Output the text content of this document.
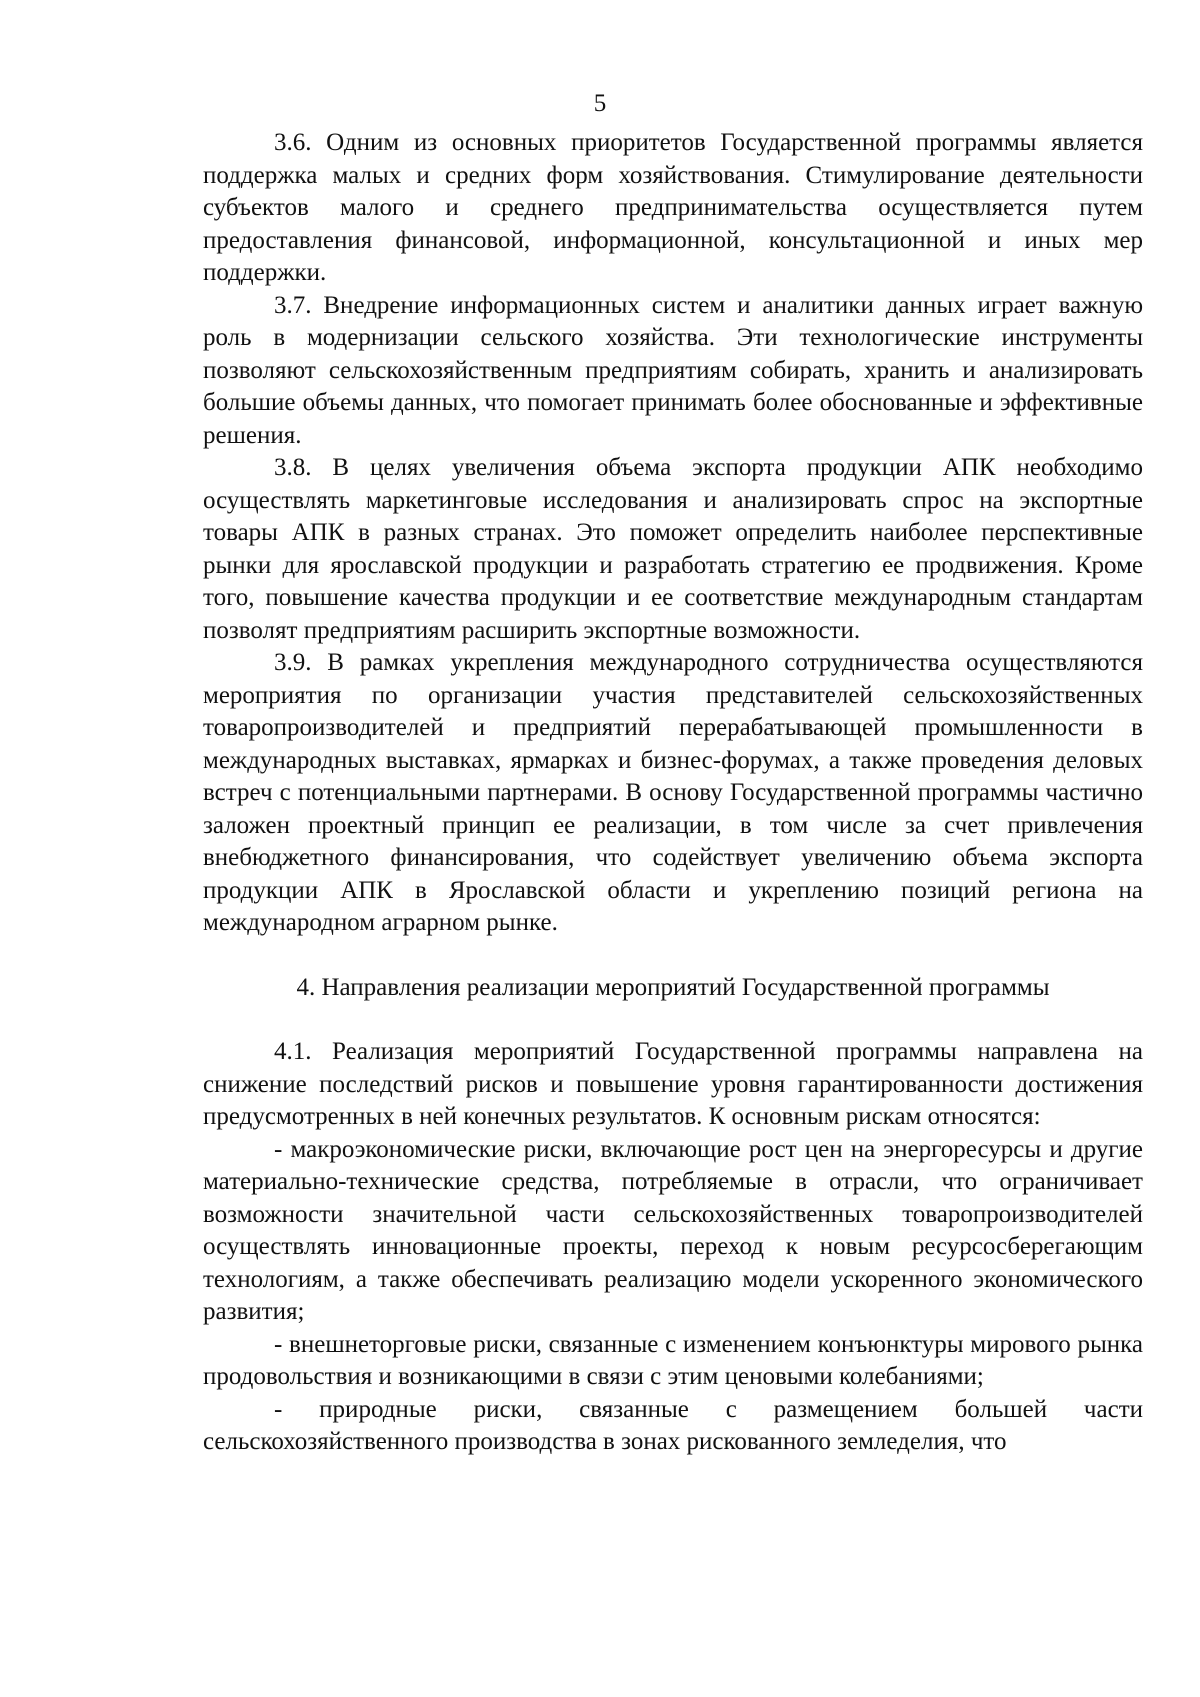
5

3.6. Одним из основных приоритетов Государственной программы является поддержка малых и средних форм хозяйствования. Стимулирование деятельности субъектов малого и среднего предпринимательства осуществляется путем предоставления финансовой, информационной, консультационной и иных мер поддержки.

3.7. Внедрение информационных систем и аналитики данных играет важную роль в модернизации сельского хозяйства. Эти технологические инструменты позволяют сельскохозяйственным предприятиям собирать, хранить и анализировать большие объемы данных, что помогает принимать более обоснованные и эффективные решения.

3.8. В целях увеличения объема экспорта продукции АПК необходимо осуществлять маркетинговые исследования и анализировать спрос на экспортные товары АПК в разных странах. Это поможет определить наиболее перспективные рынки для ярославской продукции и разработать стратегию ее продвижения. Кроме того, повышение качества продукции и ее соответствие международным стандартам позволят предприятиям расширить экспортные возможности.

3.9. В рамках укрепления международного сотрудничества осуществляются мероприятия по организации участия представителей сельскохозяйственных товаропроизводителей и предприятий перерабатывающей промышленности в международных выставках, ярмарках и бизнес-форумах, а также проведения деловых встреч с потенциальными партнерами. В основу Государственной программы частично заложен проектный принцип ее реализации, в том числе за счет привлечения внебюджетного финансирования, что содействует увеличению объема экспорта продукции АПК в Ярославской области и укреплению позиций региона на международном аграрном рынке.

4. Направления реализации мероприятий Государственной программы

4.1. Реализация мероприятий Государственной программы направлена на снижение последствий рисков и повышение уровня гарантированности достижения предусмотренных в ней конечных результатов. К основным рискам относятся:

- макроэкономические риски, включающие рост цен на энергоресурсы и другие материально-технические средства, потребляемые в отрасли, что ограничивает возможности значительной части сельскохозяйственных товаропроизводителей осуществлять инновационные проекты, переход к новым ресурсосберегающим технологиям, а также обеспечивать реализацию модели ускоренного экономического развития;

- внешнеторговые риски, связанные с изменением конъюнктуры мирового рынка продовольствия и возникающими в связи с этим ценовыми колебаниями;

- природные риски, связанные с размещением большей части сельскохозяйственного производства в зонах рискованного земледелия, что
